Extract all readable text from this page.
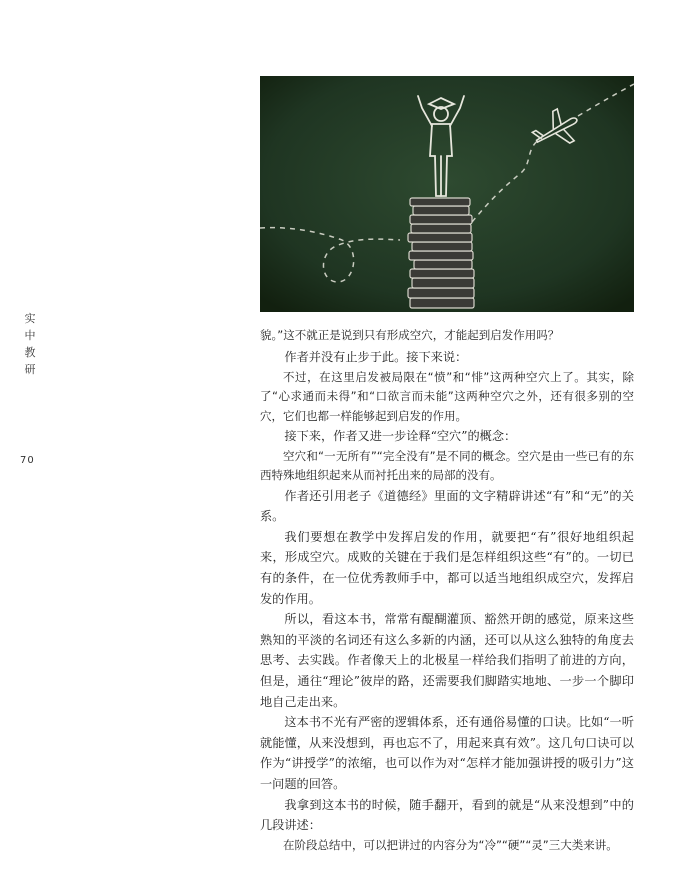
实
中
教
研
70

貌。”这不就正是说到只有形成空穴，才能起到启发作用吗？

作者并没有止步于此。接下来说：

不过，在这里启发被局限在“愤”和“悱”这两种空穴上了。其实，除了“心求通而未得”和“口欲言而未能”这两种空穴之外，还有很多别的空穴，它们也都一样能够起到启发的作用。

接下来，作者又进一步诠释“空穴”的概念：

空穴和“一无所有”“完全没有”是不同的概念。空穴是由一些已有的东西特殊地组织起来从而衬托出来的局部的没有。

作者还引用老子《道德经》里面的文字精辟讲述“有”和“无”的关系。

我们要想在教学中发挥启发的作用，就要把“有”很好地组织起来，形成空穴。成败的关键在于我们是怎样组织这些“有”的。一切已有的条件，在一位优秀教师手中，都可以适当地组织成空穴，发挥启发的作用。

所以，看这本书，常常有醍醐灌顶、豁然开朗的感觉，原来这些熟知的平淡的名词还有这么多新的内涵，还可以从这么独特的角度去思考、去实践。作者像天上的北极星一样给我们指明了前进的方向，但是，通往“理论”彼岸的路，还需要我们脚踏实地地、一步一个脚印地自己走出来。

这本书不光有严密的逻辑体系，还有通俗易懂的口诀。比如“一听就能懂，从来没想到，再也忘不了，用起来真有效”。这几句口诀可以作为“讲授学”的浓缩，也可以作为对“怎样才能加强讲授的吸引力”这一问题的回答。

我拿到这本书的时候，随手翻开，看到的就是“从来没想到”中的几段讲述：

在阶段总结中，可以把讲过的内容分为“冷”“硬”“灵”三大类来讲。
